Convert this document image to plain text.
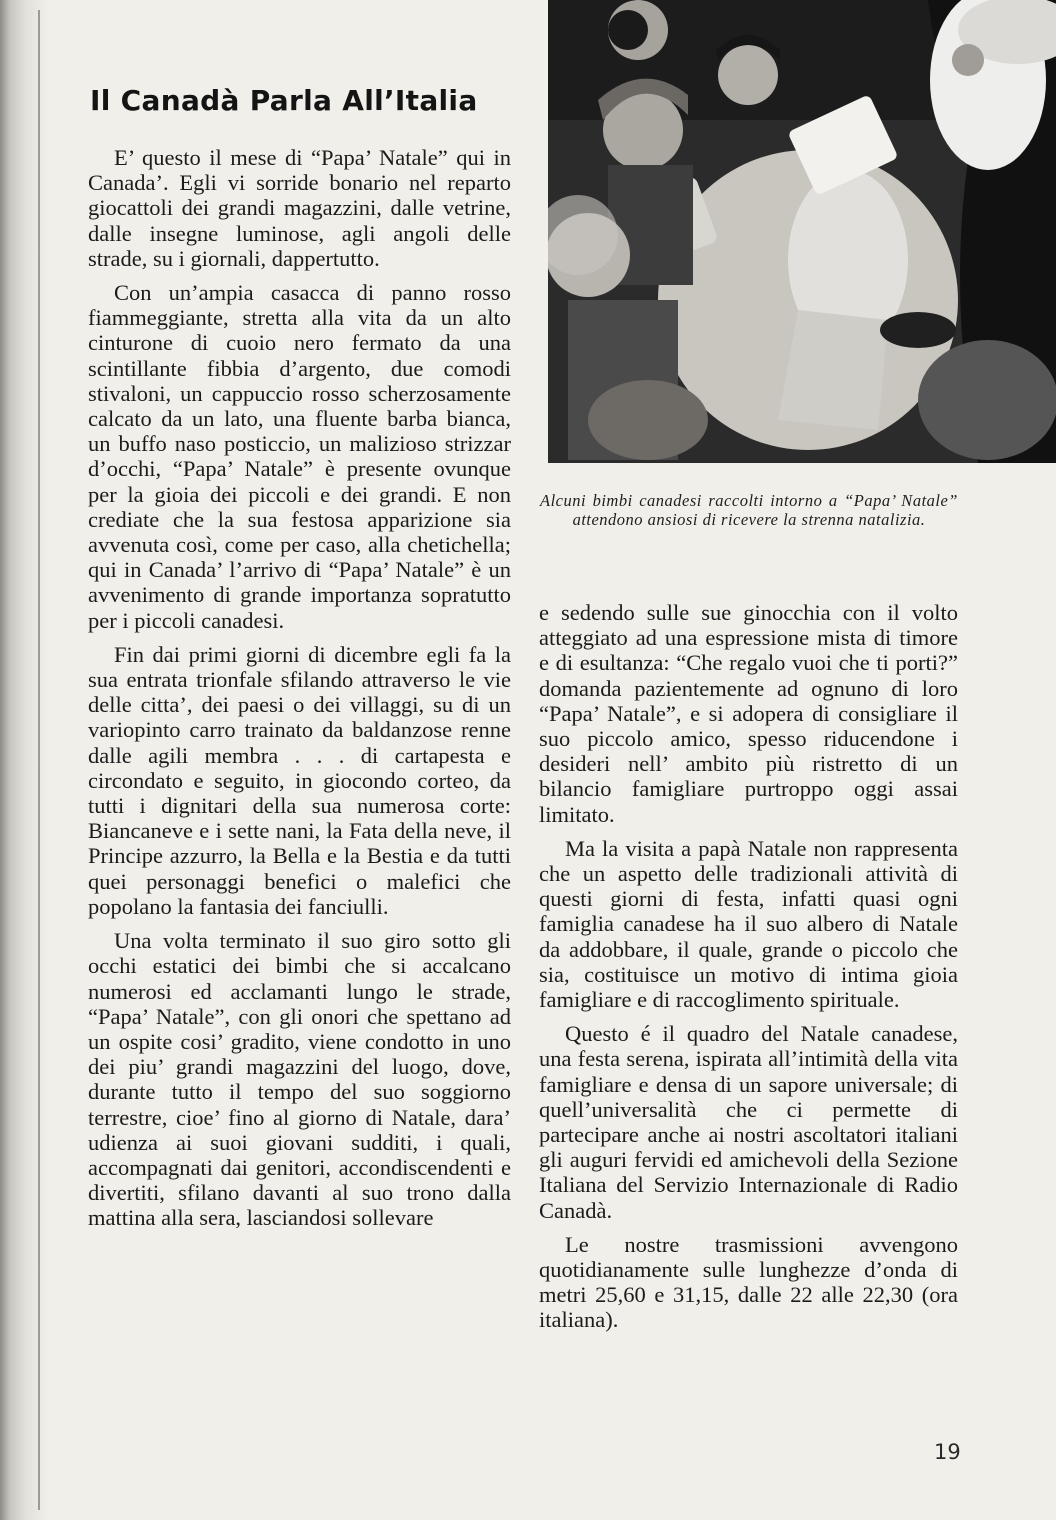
Il Canadà Parla All’Italia

E’ questo il mese di “Papa’ Natale” qui in Canada’. Egli vi sorride bonario nel reparto giocattoli dei grandi magazzini, dalle vetrine, dalle insegne luminose, agli angoli delle strade, su i giornali, dappertutto.

Con un’ampia casacca di panno rosso fiammeggiante, stretta alla vita da un alto cinturone di cuoio nero fermato da una scintillante fibbia d’argento, due comodi stivaloni, un cappuccio rosso scherzosamente calcato da un lato, una fluente barba bianca, un buffo naso posticcio, un malizioso strizzar d’occhi, “Papa’ Natale” è presente ovunque per la gioia dei piccoli e dei grandi. E non crediate che la sua festosa apparizione sia avvenuta così, come per caso, alla chetichella; qui in Canada’ l’arrivo di “Papa’ Natale” è un avvenimento di grande importanza sopratutto per i piccoli canadesi.

Fin dai primi giorni di dicembre egli fa la sua entrata trionfale sfilando attraverso le vie delle citta’, dei paesi o dei villaggi, su di un variopinto carro trainato da baldanzose renne dalle agili membra . . . di cartapesta e circondato e seguito, in giocondo corteo, da tutti i dignitari della sua numerosa corte: Biancaneve e i sette nani, la Fata della neve, il Principe azzurro, la Bella e la Bestia e da tutti quei personaggi benefici o malefici che popolano la fantasia dei fanciulli.

Una volta terminato il suo giro sotto gli occhi estatici dei bimbi che si accalcano numerosi ed acclamanti lungo le strade, “Papa’ Natale”, con gli onori che spettano ad un ospite cosi’ gradito, viene condotto in uno dei piu’ grandi magazzini del luogo, dove, durante tutto il tempo del suo soggiorno terrestre, cioe’ fino al giorno di Natale, dara’ udienza ai suoi giovani sudditi, i quali, accompagnati dai genitori, accondiscendenti e divertiti, sfilano davanti al suo trono dalla mattina alla sera, lasciandosi sollevare

Alcuni bimbi canadesi raccolti intorno a “Papa’ Natale” attendono ansiosi di ricevere la strenna natalizia.

e sedendo sulle sue ginocchia con il volto atteggiato ad una espressione mista di timore e di esultanza: “Che regalo vuoi che ti porti?” domanda pazientemente ad ognuno di loro “Papa’ Natale”, e si adopera di consigliare il suo piccolo amico, spesso riducendone i desideri nell’ ambito più ristretto di un bilancio famigliare purtroppo oggi assai limitato.

Ma la visita a papà Natale non rappresenta che un aspetto delle tradizionali attività di questi giorni di festa, infatti quasi ogni famiglia canadese ha il suo albero di Natale da addobbare, il quale, grande o piccolo che sia, costituisce un motivo di intima gioia famigliare e di raccoglimento spirituale.

Questo é il quadro del Natale canadese, una festa serena, ispirata all’intimità della vita famigliare e densa di un sapore universale; di quell’universalità che ci permette di partecipare anche ai nostri ascoltatori italiani gli auguri fervidi ed amichevoli della Sezione Italiana del Servizio Internazionale di Radio Canadà.

Le nostre trasmissioni avvengono quotidianamente sulle lunghezze d’onda di metri 25,60 e 31,15, dalle 22 alle 22,30 (ora italiana).

19
